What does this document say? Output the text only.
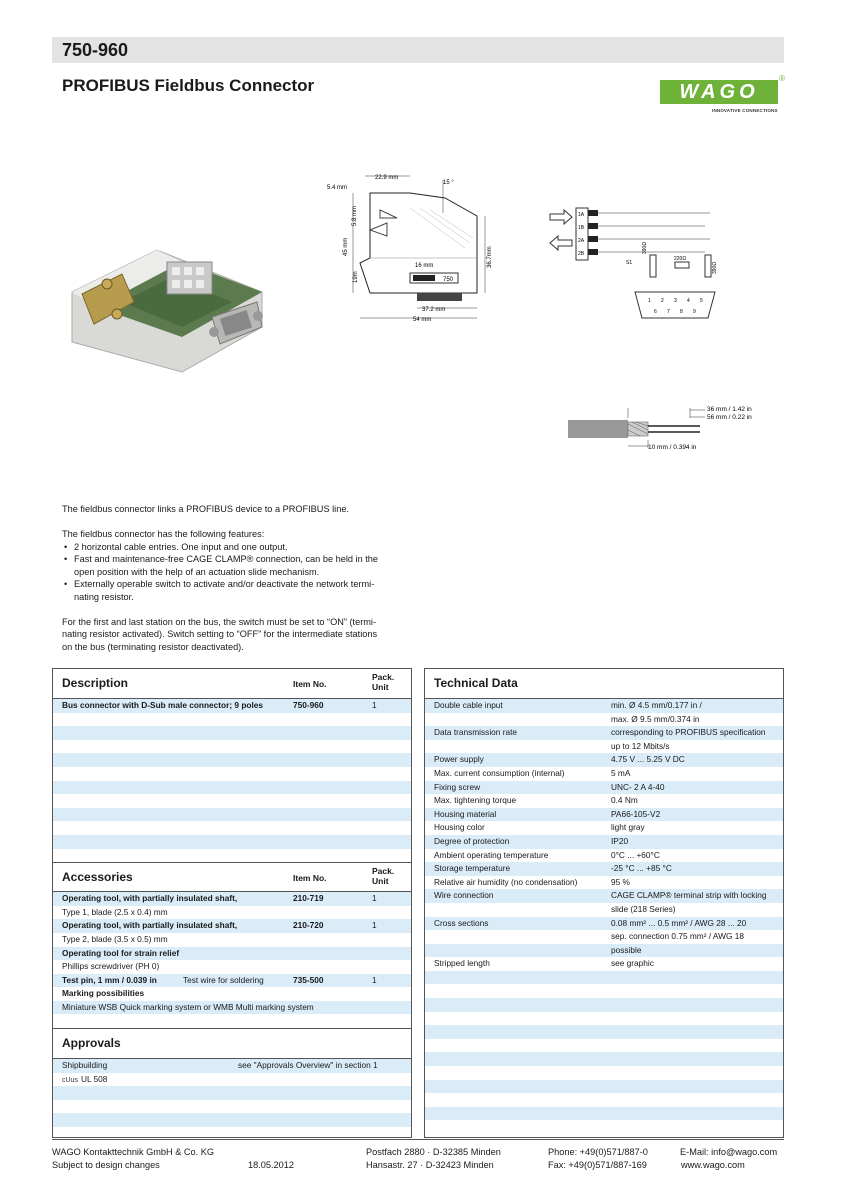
750-960
PROFIBUS Fieldbus Connector	WAGO
®
INNOVATIVE CONNECTIONS
750
22.9 mm
15 °
5.4 mm
5.8 mm
45 mm
19m
16 mm	36.7mm
37.2 mm
54 mm
1A
1B
2A
2B
S1
390Ω
220Ω
390Ω
1 2 3 4 5
6 7 8 9
36 mm / 1.42 in
56 mm / 0.22 in
10 mm / 0.394 in

The fieldbus connector links a PROFIBUS device to a PROFIBUS line.

The fieldbus connector has the following features:

• 2 horizontal cable entries. One input and one output.
• Fast and maintenance-free CAGE CLAMP® connection, can be held in the
open position with the help of an actuation slide mechanism.
• Externally operable switch to activate and/or deactivate the network termi-
nating resistor.

For the first and last station on the bus, the switch must be set to “ON” (termi-
nating resistor activated). Switch setting to “OFF” for the intermediate stations
on the bus (terminating resistor deactivated).

Description	Item No.
Pack.
Unit
Bus connector with D-Sub male connector; 9 poles	750-960	1
Accessories	Item No.
Pack.
Unit
Operating tool, with partially insulated shaft,	210-719	1
Type 1, blade (2.5 x 0.4) mm
Operating tool, with partially insulated shaft,	210-720	1
Type 2, blade (3.5 x 0.5) mm
Operating tool for strain relief
Phillips screwdriver (PH 0)
Test pin, 1 mm / 0.039 in	Test wire for soldering	735-500	1
Marking possibilities
Miniature WSB Quick marking system or WMB Multi marking system
Approvals
Shipbuilding	see "Approvals Overview" in section 1
cUus UL 508
Technical Data
Double cable input	min. Ø 4.5 mm/0.177 in /
max. Ø 9.5 mm/0.374 in
Data transmission rate	corresponding to PROFIBUS specification
up to 12 Mbits/s
Power supply	4.75 V ... 5.25 V DC
Max. current consumption (internal)	5 mA
Fixing screw	UNC- 2 A 4-40
Max. tightening torque	0.4 Nm
Housing material	PA66-105-V2
Housing color	light gray
Degree of protection	IP20
Ambient operating temperature	0°C ... +60°C
Storage temperature	-25 °C ... +85 °C
Relative air humidity (no condensation)	95 %
Wire connection	CAGE CLAMP® terminal strip with locking
slide (218 Series)
Cross sections	0.08 mm² ... 0.5 mm² / AWG 28 ... 20
sep. connection 0.75 mm² / AWG 18
possible
Stripped length	see graphic
WAGO Kontakttechnik GmbH & Co. KG
Subject to design changes	18.05.2012
Postfach 2880 · D-32385 Minden
Hansastr. 27 · D-32423 Minden
Phone: +49(0)571/887-0
Fax: +49(0)571/887-169
E-Mail: info@wago.com
www.wago.com
